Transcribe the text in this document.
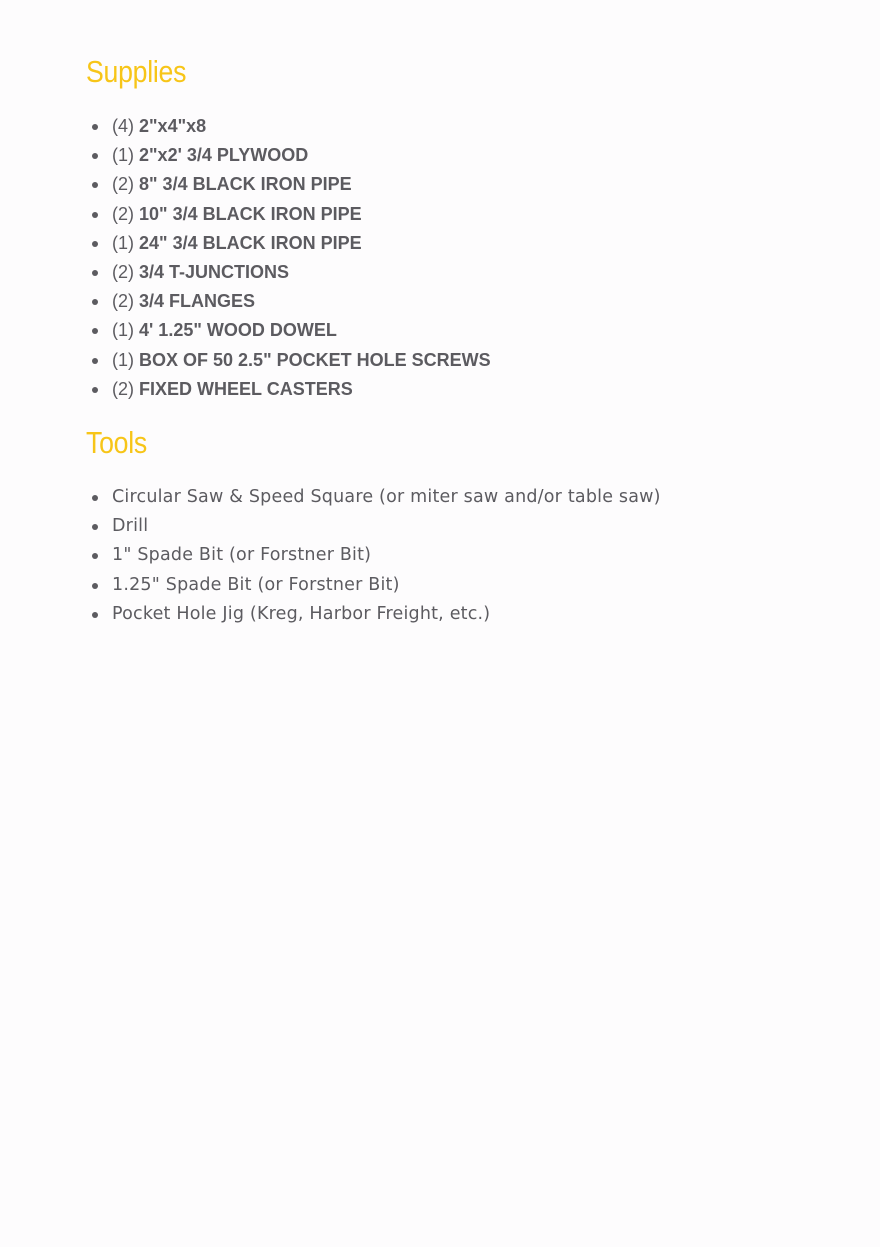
Supplies
(4) 2"x4"x8
(1) 2"x2' 3/4 PLYWOOD
(2) 8" 3/4 BLACK IRON PIPE
(2) 10" 3/4 BLACK IRON PIPE
(1) 24" 3/4 BLACK IRON PIPE
(2) 3/4 T-JUNCTIONS
(2) 3/4 FLANGES
(1) 4' 1.25" WOOD DOWEL
(1) BOX OF 50 2.5" POCKET HOLE SCREWS
(2) FIXED WHEEL CASTERS
Tools
Circular Saw & Speed Square (or miter saw and/or table saw)
Drill
1" Spade Bit (or Forstner Bit)
1.25" Spade Bit (or Forstner Bit)
Pocket Hole Jig (Kreg, Harbor Freight, etc.)
